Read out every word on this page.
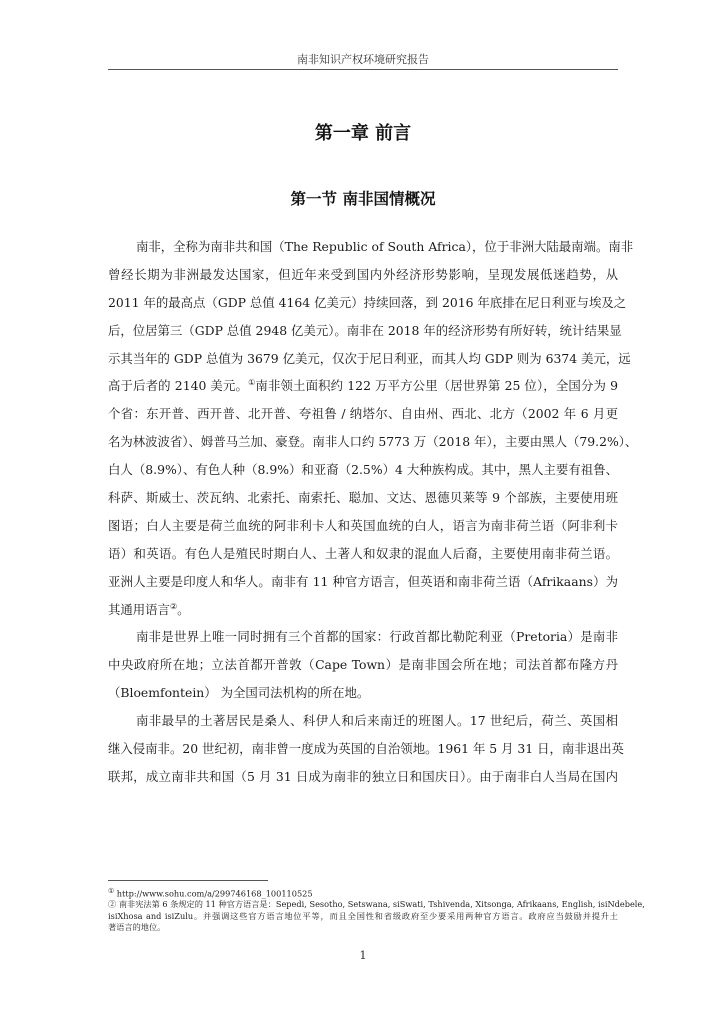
南非知识产权环境研究报告
第一章 前言
第一节 南非国情概况
南非，全称为南非共和国（The Republic of South Africa），位于非洲大陆最南端。南非
曾经长期为非洲最发达国家，但近年来受到国内外经济形势影响，呈现发展低迷趋势，从
2011 年的最高点（GDP 总值 4164 亿美元）持续回落，到 2016 年底排在尼日利亚与埃及之
后，位居第三（GDP 总值 2948 亿美元）。南非在 2018 年的经济形势有所好转，统计结果显
示其当年的 GDP 总值为 3679 亿美元，仅次于尼日利亚，而其人均 GDP 则为 6374 美元，远
高于后者的 2140 美元。①南非领土面积约 122 万平方公里（居世界第 25 位），全国分为 9
个省：东开普、西开普、北开普、夸祖鲁 / 纳塔尔、自由州、西北、北方（2002 年 6 月更
名为林波波省）、姆普马兰加、豪登。南非人口约 5773 万（2018 年），主要由黑人（79.2%）、
白人（8.9%）、有色人种（8.9%）和亚裔（2.5%）4 大种族构成。其中，黑人主要有祖鲁、
科萨、斯威士、茨瓦纳、北索托、南索托、聪加、文达、恩德贝莱等 9 个部族，主要使用班
图语；白人主要是荷兰血统的阿非利卡人和英国血统的白人，语言为南非荷兰语（阿非利卡
语）和英语。有色人是殖民时期白人、土著人和奴隶的混血人后裔，主要使用南非荷兰语。
亚洲人主要是印度人和华人。南非有 11 种官方语言，但英语和南非荷兰语（Afrikaans）为
其通用语言②。
南非是世界上唯一同时拥有三个首都的国家：行政首都比勒陀利亚（Pretoria）是南非
中央政府所在地；立法首都开普敦（Cape Town）是南非国会所在地；司法首都布隆方丹
（Bloemfontein） 为全国司法机构的所在地。
南非最早的土著居民是桑人、科伊人和后来南迁的班图人。17 世纪后，荷兰、英国相
继入侵南非。20 世纪初，南非曾一度成为英国的自治领地。1961 年 5 月 31 日，南非退出英
联邦，成立南非共和国（5 月 31 日成为南非的独立日和国庆日）。由于南非白人当局在国内
① http://www.sohu.com/a/299746168_100110525
② 南非宪法第 6 条规定的 11 种官方语言是：Sepedi, Sesotho, Setswana, siSwati, Tshivenda, Xitsonga, Afrikaans, English, isiNdebele,
isiXhosa and isiZulu。并强调这些官方语言地位平等，而且全国性和省级政府至少要采用两种官方语言。政府应当鼓励并提升土
著语言的地位。
1
